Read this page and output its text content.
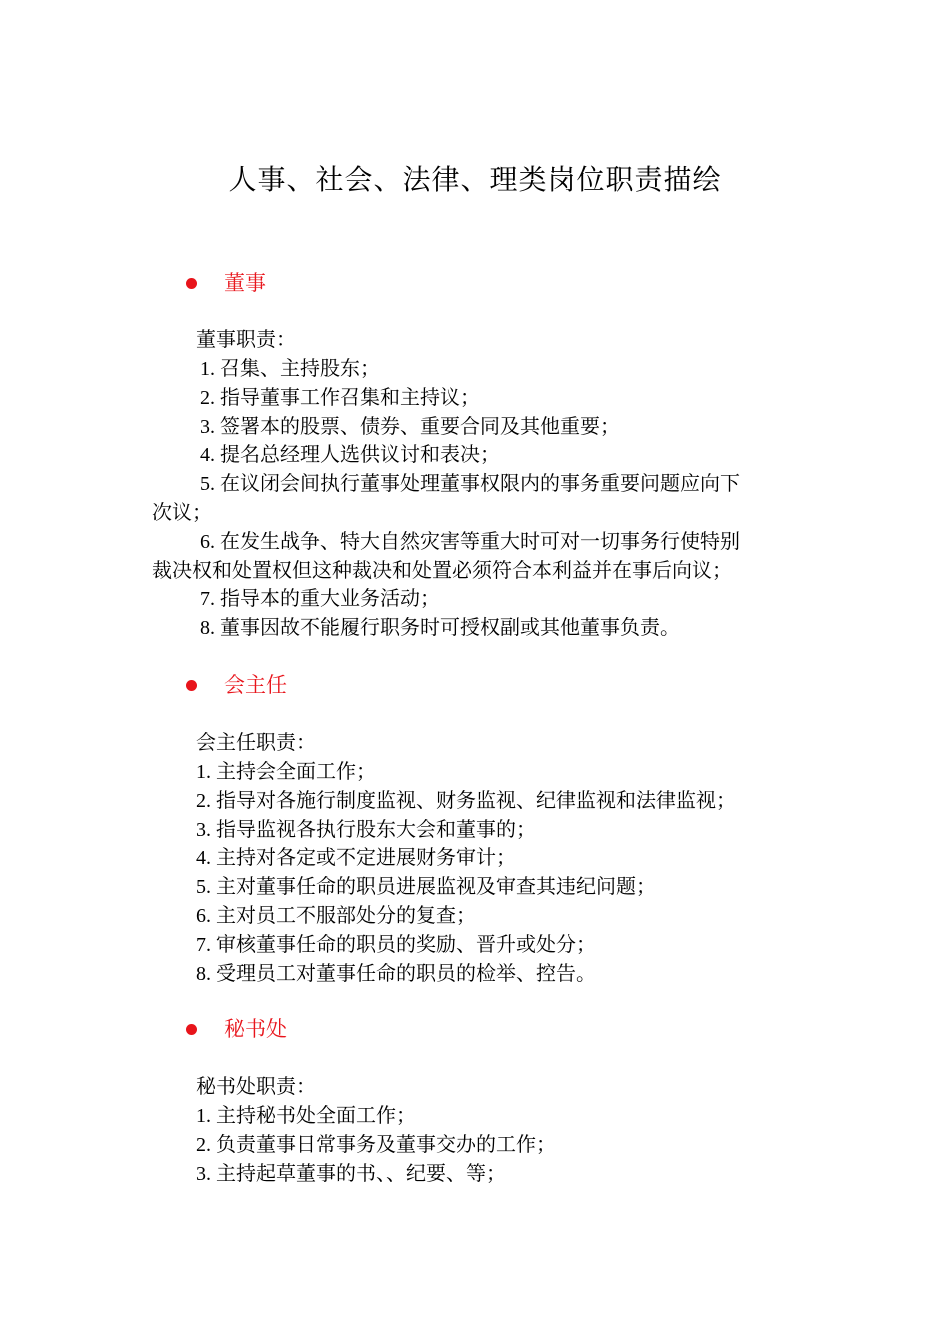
人事、社会、法律、理类岗位职责描绘
董事
董事职责：
1. 召集、主持股东；
2. 指导董事工作召集和主持议；
3. 签署本的股票、债券、重要合同及其他重要；
4. 提名总经理人选供议讨和表决；
5. 在议闭会间执行董事处理董事权限内的事务重要问题应向下
次议；
6. 在发生战争、特大自然灾害等重大时可对一切事务行使特别
裁决权和处置权但这种裁决和处置必须符合本利益并在事后向议；
7. 指导本的重大业务活动；
8. 董事因故不能履行职务时可授权副或其他董事负责。
会主任
会主任职责：
1. 主持会全面工作；
2. 指导对各施行制度监视、财务监视、纪律监视和法律监视；
3. 指导监视各执行股东大会和董事的；
4. 主持对各定或不定进展财务审计；
5. 主对董事任命的职员进展监视及审查其违纪问题；
6. 主对员工不服部处分的复查；
7. 审核董事任命的职员的奖励、晋升或处分；
8. 受理员工对董事任命的职员的检举、控告。
秘书处
秘书处职责：
1. 主持秘书处全面工作；
2. 负责董事日常事务及董事交办的工作；
3. 主持起草董事的书、、纪要、等；
